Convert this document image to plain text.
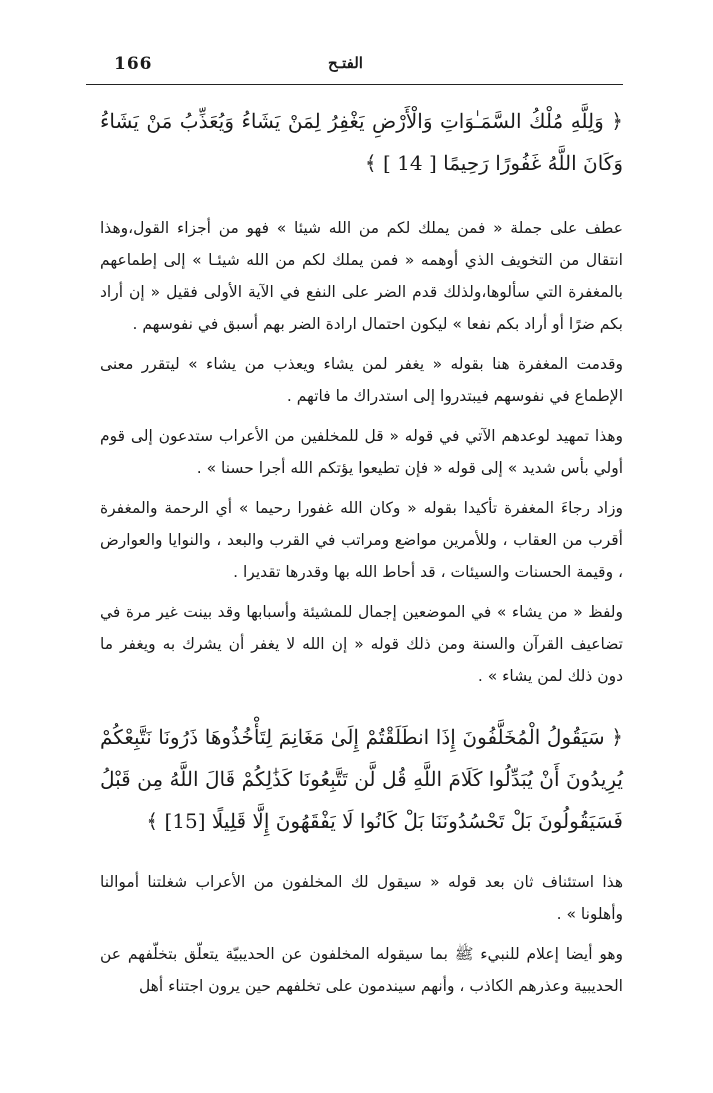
166	الفتـح

﴿ وَلِلَّهِ مُلْكُ السَّمَـٰوَاتِ وَالْأَرْضِ يَغْفِرُ لِمَنْ يَشَاءُ وَيُعَذِّبُ مَنْ يَشَاءُ وَكَانَ اللَّهُ غَفُورًا رَحِيمًا [ 14 ] ﴾

عطف على جملة « فمن يملك لكم من الله شيئا » فهو من أجزاء القول،وهذا انتقال من التخويف الذي أوهمه « فمن يملك لكم من الله شيئـا » إلى إطماعهم بالمغفرة التي سألوها،ولذلك قدم الضر على النفع في الآية الأولى فقيل « إن أراد بكم ضرًا أو أراد بكم نفعا » ليكون احتمال ارادة الضر بهم أسبق في نفوسهم .

وقدمت المغفرة هنا بقوله « يغفر لمن يشاء ويعذب من يشاء » ليتقرر معنى الإطماع في نفوسهم فيبتدروا إلى استدراك ما فاتهم .

وهذا تمهيد لوعدهم الآتي في قوله « قل للمخلفين من الأعراب ستدعون إلى قوم أولي بأس شديد » إلى قوله « فإن تطيعوا يؤتكم الله أجرا حسنا » .

وزاد رجاءَ المغفرة تأكيدا بقوله « وكان الله غفورا رحيما » أي الرحمة والمغفرة أقرب من العقاب ، وللأمرين مواضع ومراتب في القرب والبعد ، والنوايا والعوارض ، وقيمة الحسنات والسيئات ، قد أحاط الله بها وقدرها تقديرا .

ولفظ « من يشاء » في الموضعين إجمال للمشيئة وأسبابها وقد بينت غير مرة في تضاعيف القرآن والسنة ومن ذلك قوله « إن الله لا يغفر أن يشرك به ويغفر ما دون ذلك لمن يشاء » .

﴿ سَيَقُولُ الْمُخَلَّفُونَ إِذَا انطَلَقْتُمْ إِلَىٰ مَغَانِمَ لِتَأْخُذُوهَا ذَرُونَا نَتَّبِعْكُمْ يُرِيدُونَ أَنْ يُبَدِّلُوا كَلَامَ اللَّهِ قُل لَّن تَتَّبِعُونَا كَذَٰلِكُمْ قَالَ اللَّهُ مِن قَبْلُ فَسَيَقُولُونَ بَلْ تَحْسُدُونَنَا بَلْ كَانُوا لَا يَفْقَهُونَ إِلَّا قَلِيلًا [15] ﴾

هذا استئناف ثان بعد قوله « سيقول لك المخلفون من الأعراب شغلتنا أموالنا وأهلونا » .

وهو أيضا إعلام للنبيء ﷺ بما سيقوله المخلفون عن الحديبيّة يتعلّق بتخلّفهم عن الحديبية وعذرهم الكاذب ، وأنهم سيندمون على تخلفهم حين يرون اجتناء أهل
